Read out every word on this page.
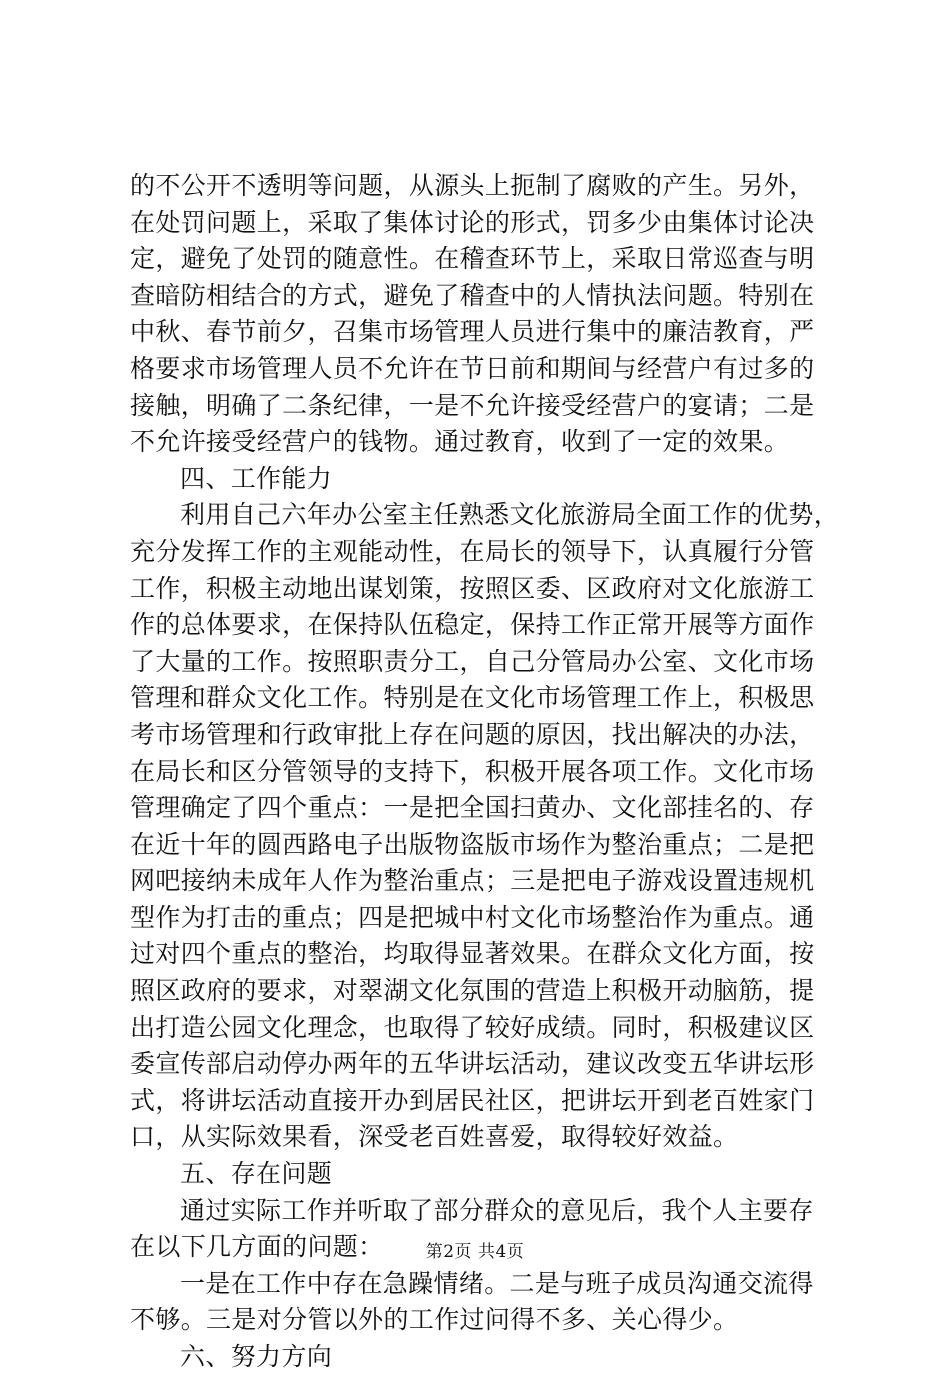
的不公开不透明等问题，从源头上扼制了腐败的产生。另外，
在处罚问题上，采取了集体讨论的形式，罚多少由集体讨论决
定，避免了处罚的随意性。在稽查环节上，采取日常巡查与明
查暗防相结合的方式，避免了稽查中的人情执法问题。特别在
中秋、春节前夕，召集市场管理人员进行集中的廉洁教育，严
格要求市场管理人员不允许在节日前和期间与经营户有过多的
接触，明确了二条纪律，一是不允许接受经营户的宴请；二是
不允许接受经营户的钱物。通过教育，收到了一定的效果。
四、工作能力
利用自己六年办公室主任熟悉文化旅游局全面工作的优势，
充分发挥工作的主观能动性，在局长的领导下，认真履行分管
工作，积极主动地出谋划策，按照区委、区政府对文化旅游工
作的总体要求，在保持队伍稳定，保持工作正常开展等方面作
了大量的工作。按照职责分工，自己分管局办公室、文化市场
管理和群众文化工作。特别是在文化市场管理工作上，积极思
考市场管理和行政审批上存在问题的原因，找出解决的办法，
在局长和区分管领导的支持下，积极开展各项工作。文化市场
管理确定了四个重点：一是把全国扫黄办、文化部挂名的、存
在近十年的圆西路电子出版物盗版市场作为整治重点；二是把
网吧接纳未成年人作为整治重点；三是把电子游戏设置违规机
型作为打击的重点；四是把城中村文化市场整治作为重点。通
过对四个重点的整治，均取得显著效果。在群众文化方面，按
照区政府的要求，对翠湖文化氛围的营造上积极开动脑筋，提
出打造公园文化理念，也取得了较好成绩。同时，积极建议区
委宣传部启动停办两年的五华讲坛活动，建议改变五华讲坛形
式，将讲坛活动直接开办到居民社区，把讲坛开到老百姓家门
口，从实际效果看，深受老百姓喜爱，取得较好效益。
五、存在问题
通过实际工作并听取了部分群众的意见后，我个人主要存
在以下几方面的问题：
一是在工作中存在急躁情绪。二是与班子成员沟通交流得
不够。三是对分管以外的工作过问得不多、关心得少。
六、努力方向
第2页 共4页
